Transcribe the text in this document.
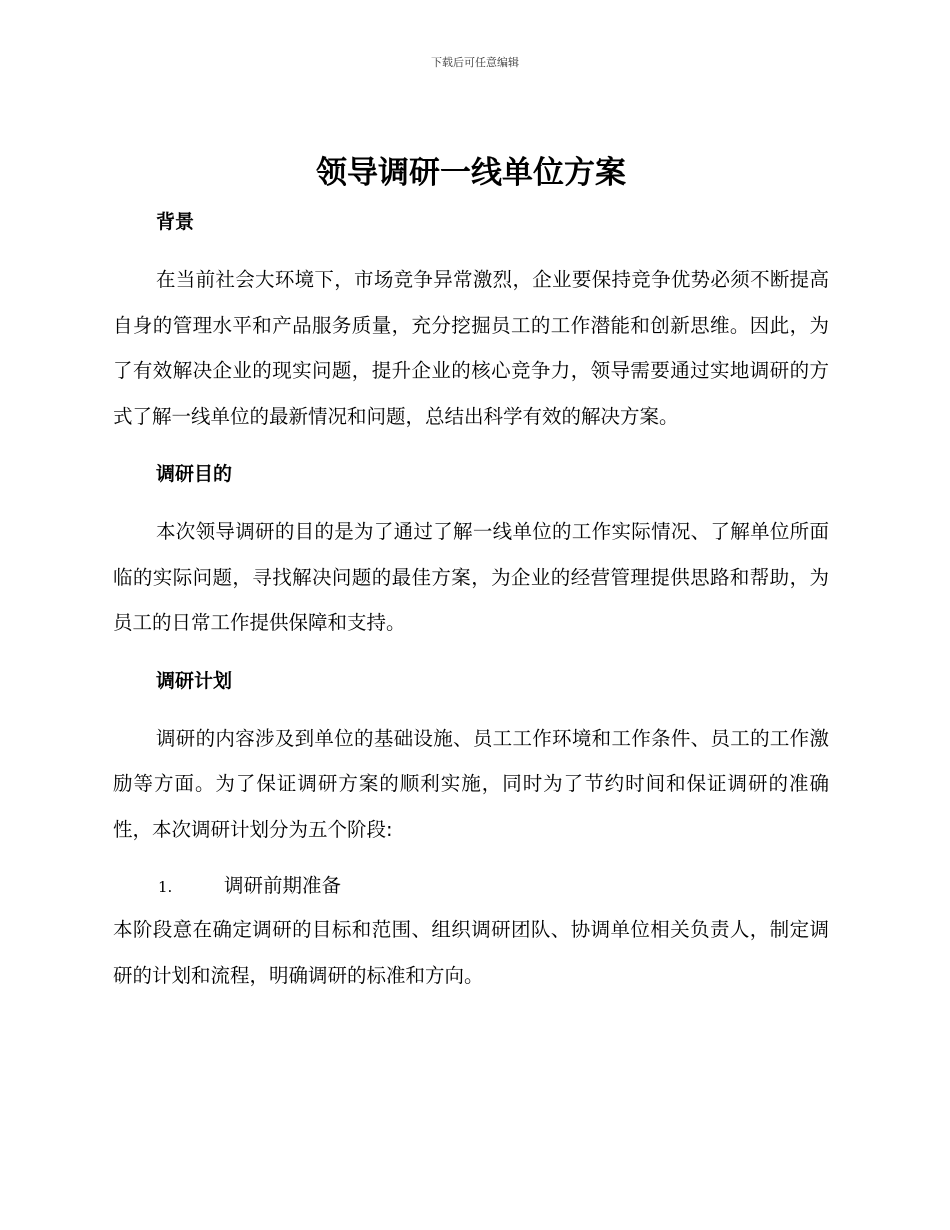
下载后可任意编辑
领导调研一线单位方案
背景

在当前社会大环境下，市场竞争异常激烈，企业要保持竞争优势必须不断提高自身的管理水平和产品服务质量，充分挖掘员工的工作潜能和创新思维。因此，为了有效解决企业的现实问题，提升企业的核心竞争力，领导需要通过实地调研的方式了解一线单位的最新情况和问题，总结出科学有效的解决方案。

调研目的

本次领导调研的目的是为了通过了解一线单位的工作实际情况、了解单位所面临的实际问题，寻找解决问题的最佳方案，为企业的经营管理提供思路和帮助，为员工的日常工作提供保障和支持。

调研计划

调研的内容涉及到单位的基础设施、员工工作环境和工作条件、员工的工作激励等方面。为了保证调研方案的顺利实施，同时为了节约时间和保证调研的准确性，本次调研计划分为五个阶段:

1.	调研前期准备

本阶段意在确定调研的目标和范围、组织调研团队、协调单位相关负责人，制定调研的计划和流程，明确调研的标准和方向。
